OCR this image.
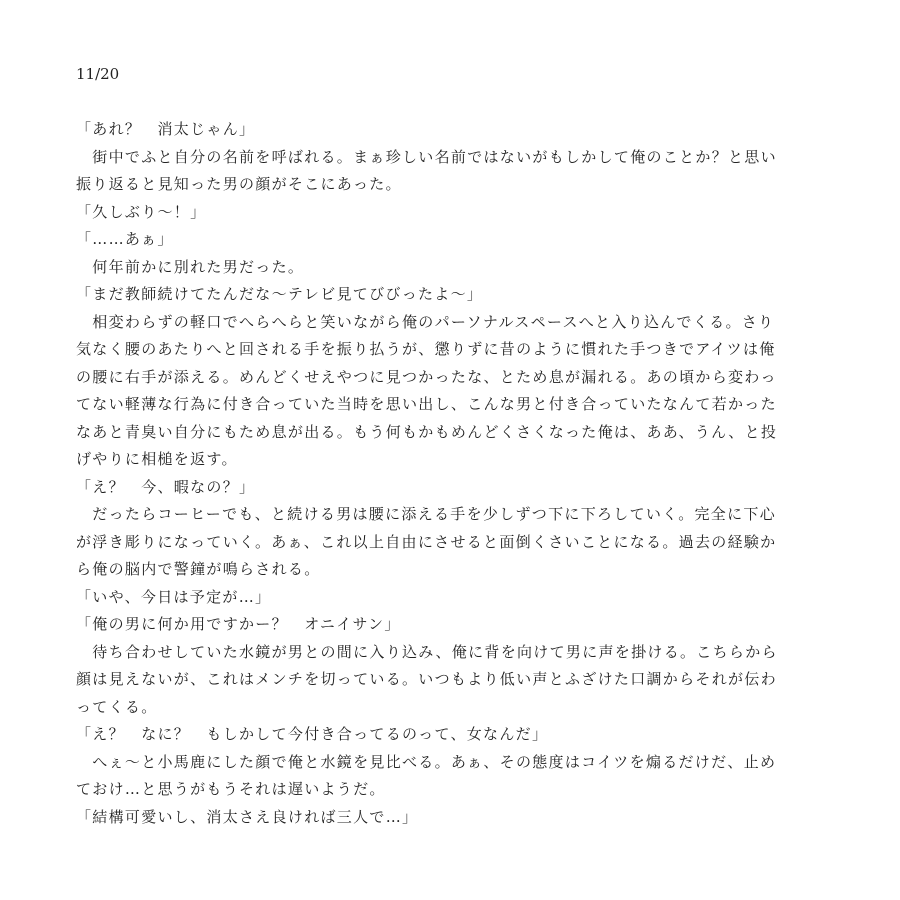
11/20
「あれ？　消太じゃん」
　街中でふと自分の名前を呼ばれる。まぁ珍しい名前ではないがもしかして俺のことか？と思い
振り返ると見知った男の顔がそこにあった。
「久しぶり～！」
「……あぁ」
　何年前かに別れた男だった。
「まだ教師続けてたんだな～テレビ見てびびったよ～」
　相変わらずの軽口でへらへらと笑いながら俺のパーソナルスペースへと入り込んでくる。さり
気なく腰のあたりへと回される手を振り払うが、懲りずに昔のように慣れた手つきでアイツは俺
の腰に右手が添える。めんどくせえやつに見つかったな、とため息が漏れる。あの頃から変わっ
てない軽薄な行為に付き合っていた当時を思い出し、こんな男と付き合っていたなんて若かった
なあと青臭い自分にもため息が出る。もう何もかもめんどくさくなった俺は、ああ、うん、と投
げやりに相槌を返す。
「え？　今、暇なの？」
　だったらコーヒーでも、と続ける男は腰に添える手を少しずつ下に下ろしていく。完全に下心
が浮き彫りになっていく。あぁ、これ以上自由にさせると面倒くさいことになる。過去の経験か
ら俺の脳内で警鐘が鳴らされる。
「いや、今日は予定が…」
「俺の男に何か用ですかー？　オニイサン」
　待ち合わせしていた水鏡が男との間に入り込み、俺に背を向けて男に声を掛ける。こちらから
顔は見えないが、これはメンチを切っている。いつもより低い声とふざけた口調からそれが伝わ
ってくる。
「え？　なに？　もしかして今付き合ってるのって、女なんだ」
　へぇ～と小馬鹿にした顔で俺と水鏡を見比べる。あぁ、その態度はコイツを煽るだけだ、止め
ておけ…と思うがもうそれは遅いようだ。
「結構可愛いし、消太さえ良ければ三人で…」
